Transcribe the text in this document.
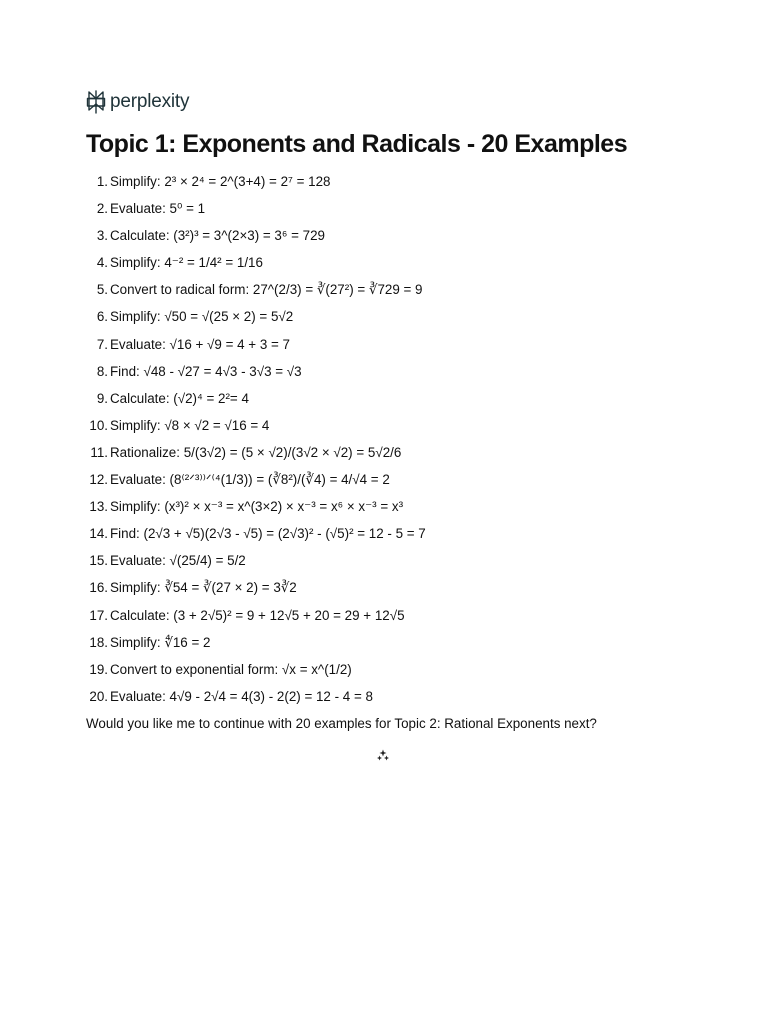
perplexity
Topic 1: Exponents and Radicals - 20 Examples
1. Simplify: 2³ × 2⁴ = 2^(3+4) = 2⁷ = 128
2. Evaluate: 5⁰ = 1
3. Calculate: (3²)³ = 3^(2×3) = 3⁶ = 729
4. Simplify: 4⁻² = 1/4² = 1/16
5. Convert to radical form: 27^(2/3) = ∛(27²) = ∛729 = 9
6. Simplify: √50 = √(25 × 2) = 5√2
7. Evaluate: √16 + √9 = 4 + 3 = 7
8. Find: √48 - √27 = 4√3 - 3√3 = √3
9. Calculate: (√2)⁴ = 2²= 4
10. Simplify: √8 × √2 = √16 = 4
11. Rationalize: 5/(3√2) = (5 × √2)/(3√2 × √2) = 5√2/6
12. Evaluate: (8⁽²ᐟ³⁾⁾ᐟ⁽⁴(1/3)) = (∛8²)/(∛4) = 4/√4 = 2
13. Simplify: (x³)² × x⁻³ = x^(3×2) × x⁻³ = x⁶ × x⁻³ = x³
14. Find: (2√3 + √5)(2√3 - √5) = (2√3)² - (√5)² = 12 - 5 = 7
15. Evaluate: √(25/4) = 5/2
16. Simplify: ∛54 = ∛(27 × 2) = 3∛2
17. Calculate: (3 + 2√5)² = 9 + 12√5 + 20 = 29 + 12√5
18. Simplify: ∜16 = 2
19. Convert to exponential form: √x = x^(1/2)
20. Evaluate: 4√9 - 2√4 = 4(3) - 2(2) = 12 - 4 = 8

Would you like me to continue with 20 examples for Topic 2: Rational Exponents next?
